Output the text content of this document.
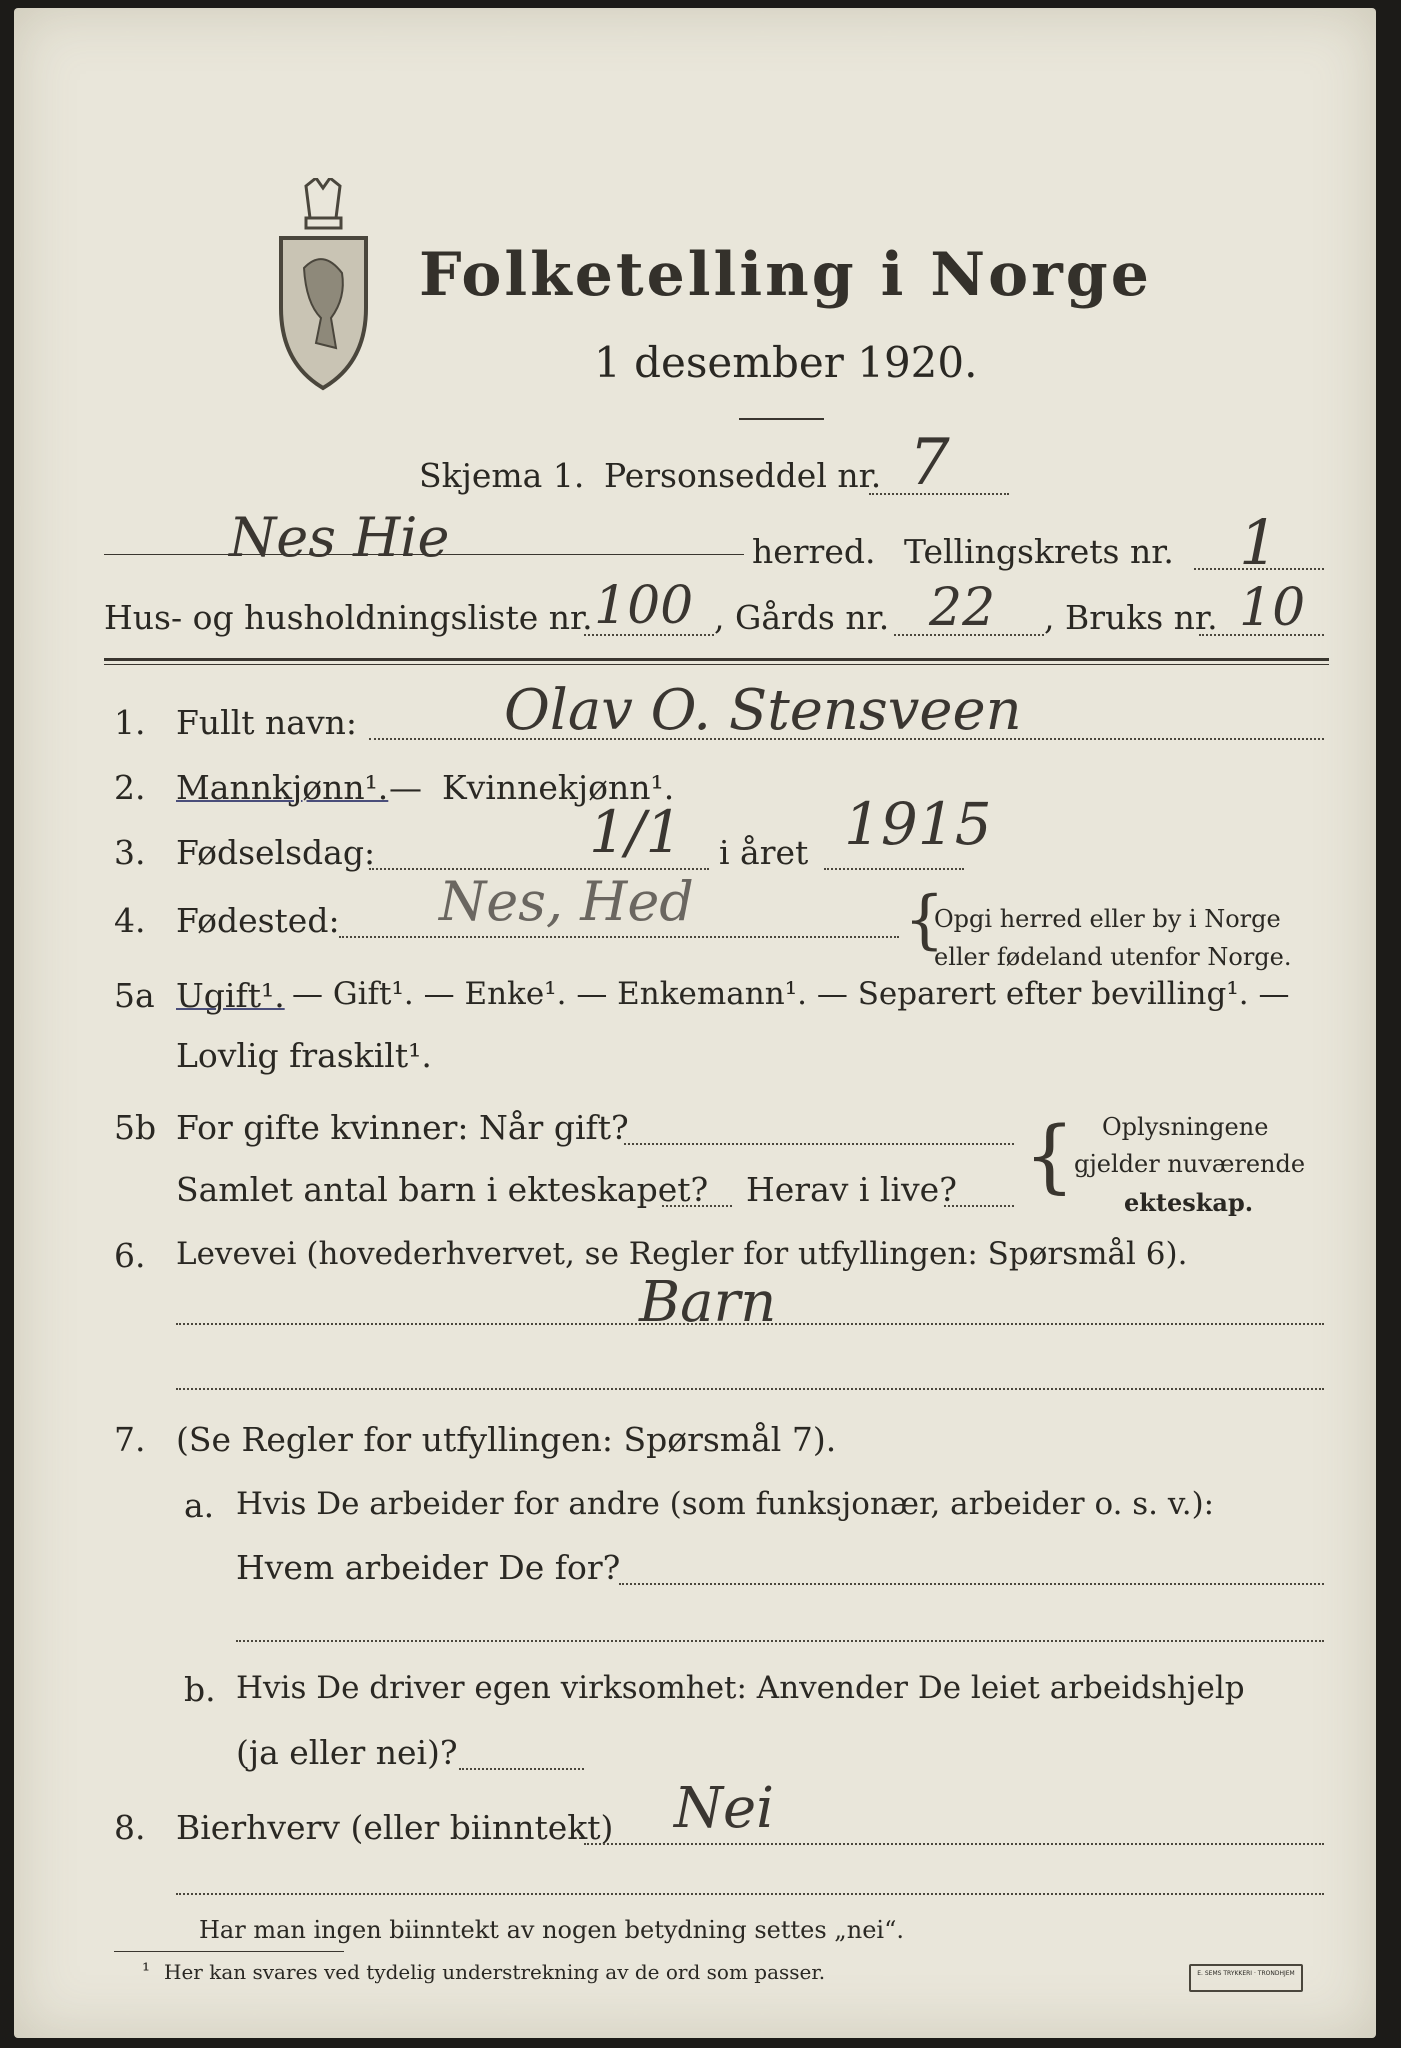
Folketelling i Norge
1 desember 1920.
Skjema 1. Personseddel nr. 7
Nes Hie	herred. Tellingskrets nr. 1
Hus- og husholdningsliste nr. 100 , Gårds nr. 22 , Bruks nr. 10
1. Fullt navn:	Olav O. Stensveen
2. Mannkjønn¹. — Kvinnekjønn¹.
3. Fødselsdag:	1/1 i året 1915
4. Fødested: Nes, Hed	{
Opgi herred eller by i Norge
eller fødeland utenfor Norge.
5a Ugift¹. — Gift¹. — Enke¹. — Enkemann¹. — Separert efter bevilling¹. —
Lovlig fraskilt¹.
5b For gifte kvinner: Når gift?
Samlet antal barn i ekteskapet? Herav i live? { Oplysningene
gjelder nuværende
ekteskap.
6. Levevei (hovederhvervet, se Regler for utfyllingen: Spørsmål 6).
Barn
7. (Se Regler for utfyllingen: Spørsmål 7).
a. Hvis De arbeider for andre (som funksjonær, arbeider o. s. v.):
Hvem arbeider De for?
b. Hvis De driver egen virksomhet: Anvender De leiet arbeidshjelp
(ja eller nei)?
8. Bierhverv (eller biinntekt) Nei
Har man ingen biinntekt av nogen betydning settes „nei“.
¹ Her kan svares ved tydelig understrekning av de ord som passer.	E. SEMS TRYKKERI · TRONDHJEM
